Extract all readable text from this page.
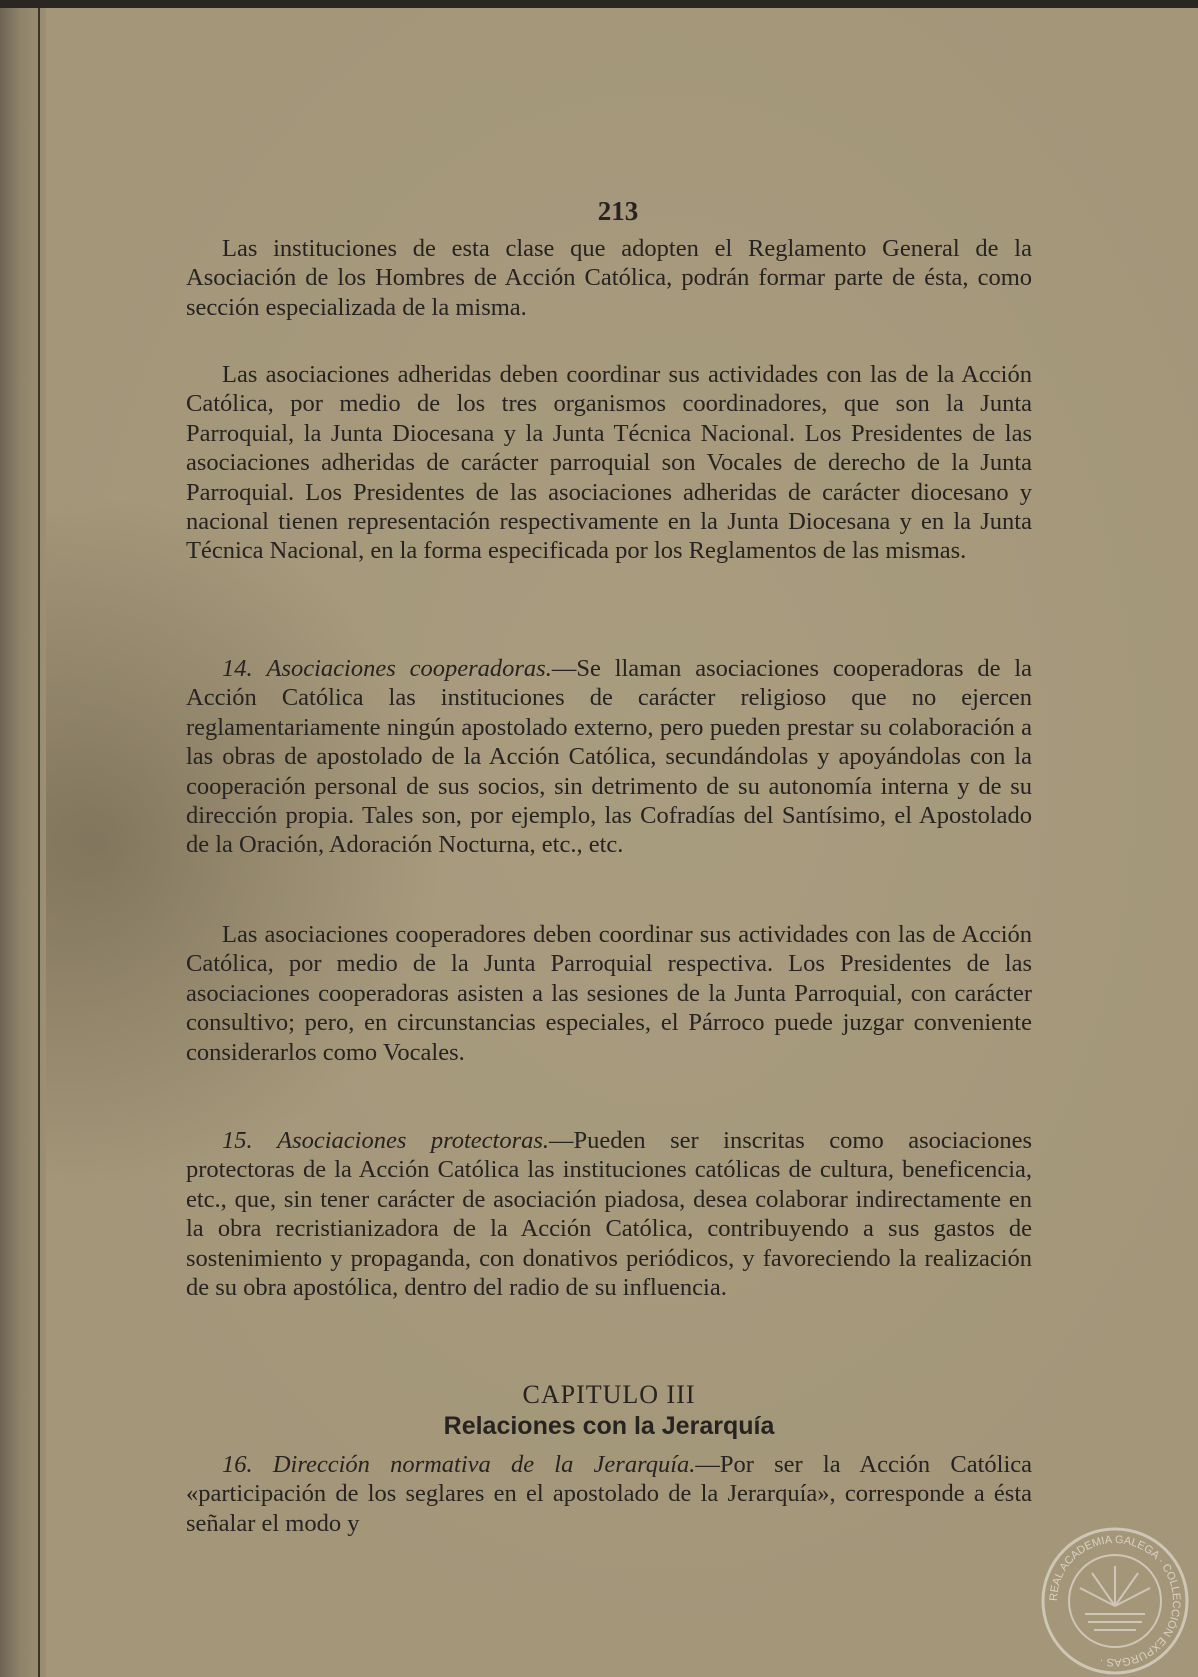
213

Las instituciones de esta clase que adopten el Reglamento General de la Asociación de los Hombres de Acción Católica, podrán formar parte de ésta, como sección especializada de la misma.

Las asociaciones adheridas deben coordinar sus actividades con las de la Acción Católica, por medio de los tres organismos coordinadores, que son la Junta Parroquial, la Junta Diocesana y la Junta Técnica Nacional. Los Presidentes de las asociaciones adheridas de carácter parroquial son Vocales de derecho de la Junta Parroquial. Los Presidentes de las asociaciones adheridas de carácter diocesano y nacional tienen representación respectivamente en la Junta Diocesana y en la Junta Técnica Nacional, en la forma especificada por los Reglamentos de las mismas.

14. Asociaciones cooperadoras.—Se llaman asociaciones cooperadoras de la Acción Católica las instituciones de carácter religioso que no ejercen reglamentariamente ningún apostolado externo, pero pueden prestar su colaboración a las obras de apostolado de la Acción Católica, secundándolas y apoyándolas con la cooperación personal de sus socios, sin detrimento de su autonomía interna y de su dirección propia. Tales son, por ejemplo, las Cofradías del Santísimo, el Apostolado de la Oración, Adoración Nocturna, etc., etc.

Las asociaciones cooperadores deben coordinar sus actividades con las de Acción Católica, por medio de la Junta Parroquial respectiva. Los Presidentes de las asociaciones cooperadoras asisten a las sesiones de la Junta Parroquial, con carácter consultivo; pero, en circunstancias especiales, el Párroco puede juzgar conveniente considerarlos como Vocales.

15. Asociaciones protectoras.—Pueden ser inscritas como asociaciones protectoras de la Acción Católica las instituciones católicas de cultura, beneficencia, etc., que, sin tener carácter de asociación piadosa, desea colaborar indirectamente en la obra recristianizadora de la Acción Católica, contribuyendo a sus gastos de sostenimiento y propaganda, con donativos periódicos, y favoreciendo la realización de su obra apostólica, dentro del radio de su influencia.

CAPITULO III
Relaciones con la Jerarquía

16. Dirección normativa de la Jerarquía.—Por ser la Acción Católica «participación de los seglares en el apostolado de la Jerarquía», corresponde a ésta señalar el modo y

REAL ACADEMIA GALEGA · COLLECCIÓN EXPURGAS ·
